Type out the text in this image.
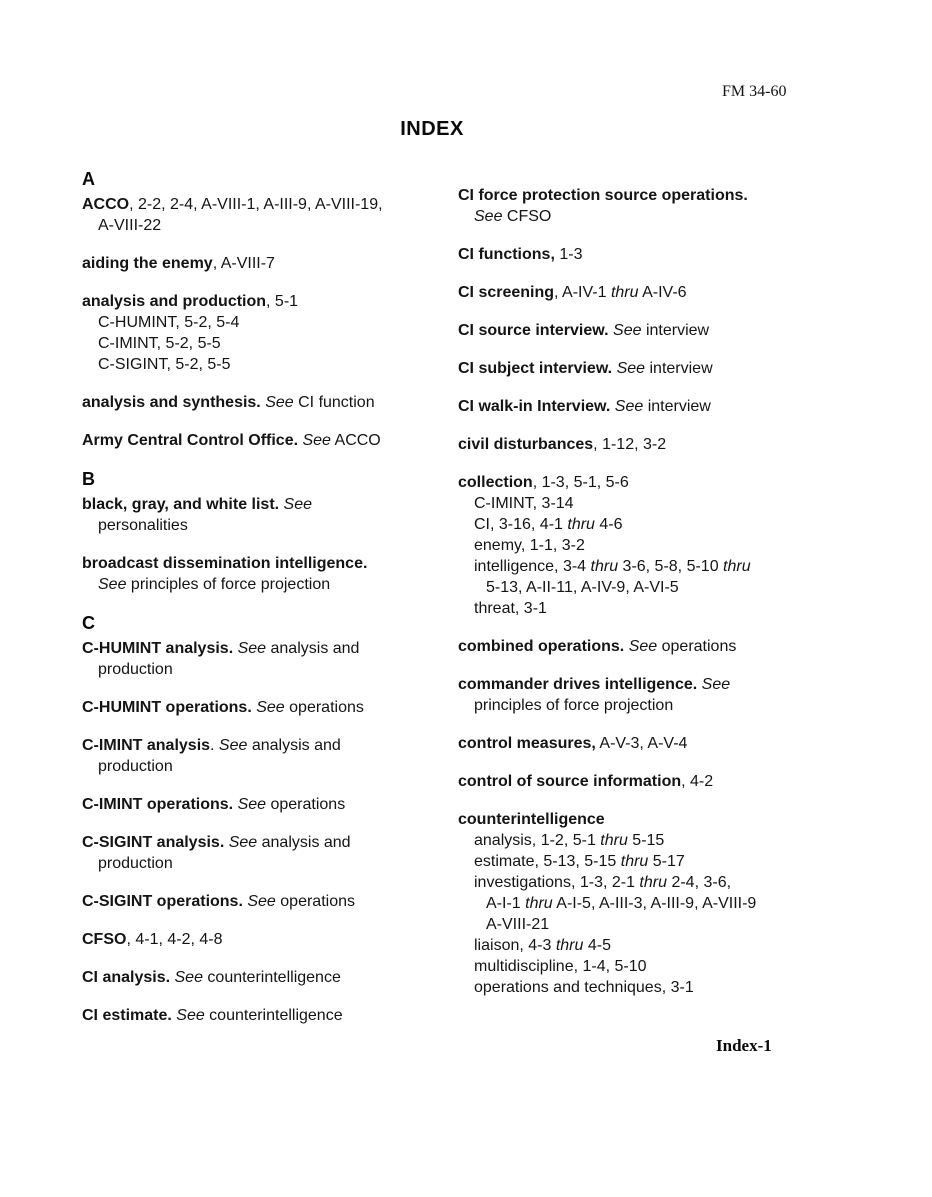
FM 34-60
INDEX
A
ACCO, 2-2, 2-4, A-VIII-1, A-III-9, A-VIII-19,
A-VIII-22
aiding the enemy, A-VIII-7
analysis and production, 5-1
C-HUMINT, 5-2, 5-4
C-IMINT, 5-2, 5-5
C-SIGINT, 5-2, 5-5
analysis and synthesis. See CI function
Army Central Control Office. See ACCO
B
black, gray, and white list. See
personalities
broadcast dissemination intelligence.
See principles of force projection
C
C-HUMINT analysis. See analysis and
production
C-HUMINT operations. See operations
C-IMINT analysis. See analysis and
production
C-IMINT operations. See operations
C-SIGINT analysis. See analysis and
production
C-SIGINT operations. See operations
CFSO, 4-1, 4-2, 4-8
CI analysis. See counterintelligence
CI estimate. See counterintelligence
CI force protection source operations.
See CFSO
CI functions, 1-3
CI screening, A-IV-1 thru A-IV-6
CI source interview. See interview
CI subject interview. See interview
CI walk-in Interview. See interview
civil disturbances, 1-12, 3-2
collection, 1-3, 5-1, 5-6
C-IMINT, 3-14
CI, 3-16, 4-1 thru 4-6
enemy, 1-1, 3-2
intelligence, 3-4 thru 3-6, 5-8, 5-10 thru
5-13, A-II-11, A-IV-9, A-VI-5
threat, 3-1
combined operations. See operations
commander drives intelligence. See
principles of force projection
control measures, A-V-3, A-V-4
control of source information, 4-2
counterintelligence
analysis, 1-2, 5-1 thru 5-15
estimate, 5-13, 5-15 thru 5-17
investigations, 1-3, 2-1 thru 2-4, 3-6,
A-I-1 thru A-I-5, A-III-3, A-III-9, A-VIII-9
A-VIII-21
liaison, 4-3 thru 4-5
multidiscipline, 1-4, 5-10
operations and techniques, 3-1
Index-1
